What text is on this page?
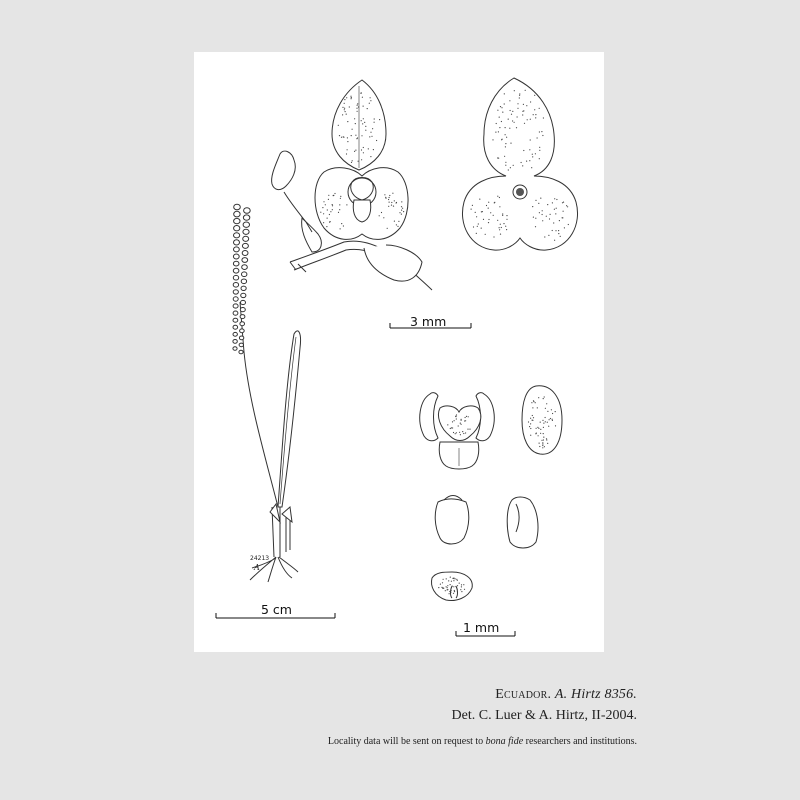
24213
A
3 mm
5 cm
1 mm
Ecuador. A. Hirtz 8356.
Det. C. Luer & A. Hirtz, II-2004.
Locality data will be sent on request to bona fide researchers and institutions.
